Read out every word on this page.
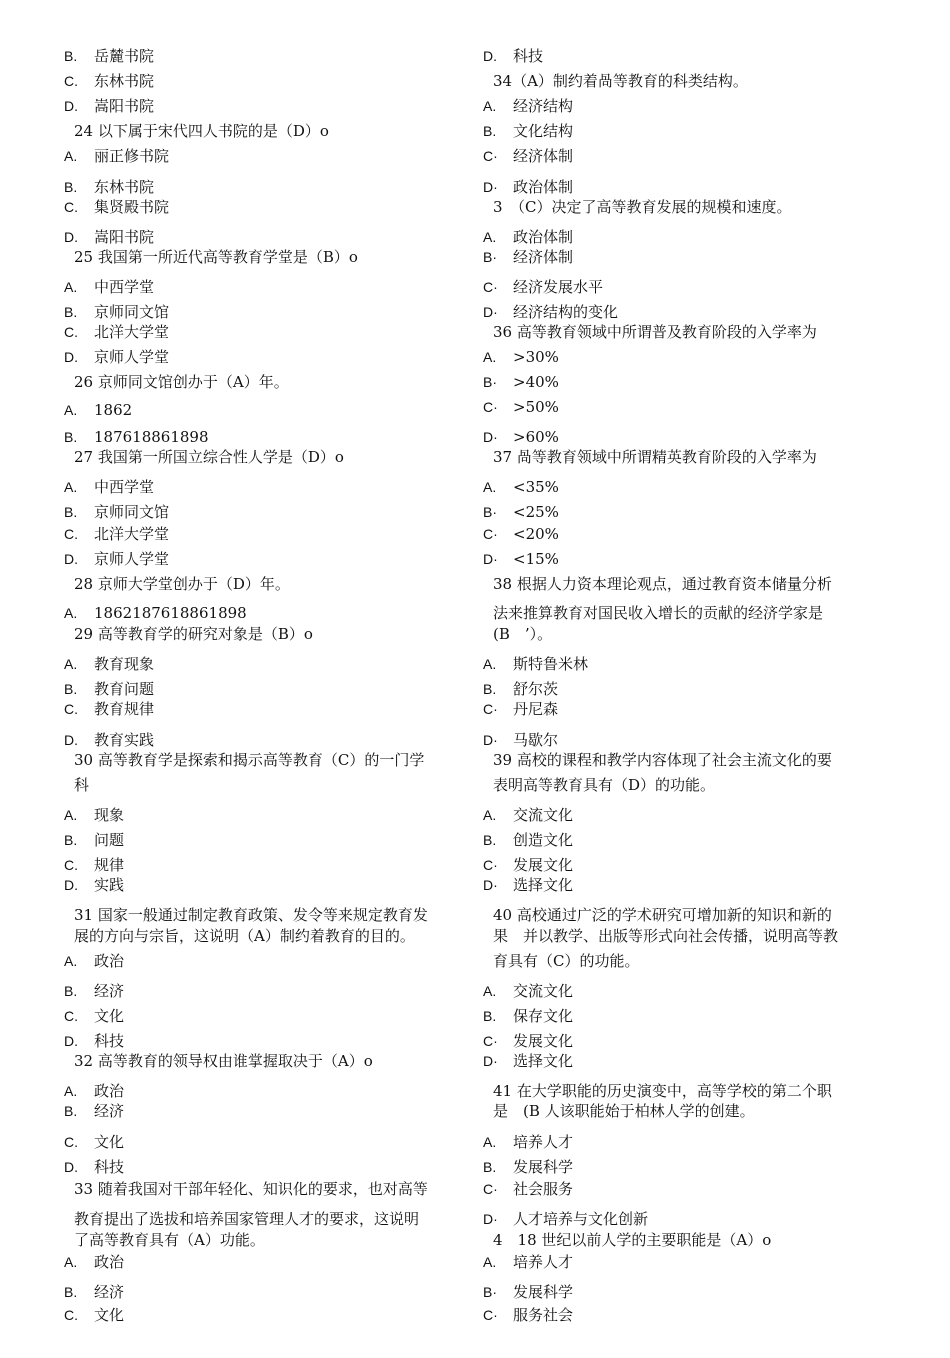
B. 岳麓书院
C. 东林书院
D. 嵩阳书院
24 以下属于宋代四人书院的是（D）o
A. 丽正修书院
B. 东林书院
C. 集贤殿书院
D. 嵩阳书院
25 我国第一所近代高等教育学堂是（B）o
A. 中西学堂
B. 京师同文馆
C. 北洋大学堂
D. 京师人学堂
26 京师同文馆创办于（A）年。
A. 1862
B. 187618861898
27 我国第一所国立综合性人学是（D）o
A. 中西学堂
B. 京师同文馆
C. 北洋大学堂
D. 京师人学堂
28 京师大学堂创办于（D）年。
A. 1862187618861898
29 高等教育学的研究对象是（B）o
A. 教育现象
B. 教育问题
C. 教育规律
D. 教育实践
30 高等教育学是探索和揭示高等教育（C）的一门学
科
A. 现象
B. 问题
C. 规律
D. 实践
31 国家一般通过制定教育政策、发令等来规定教育发
展的方向与宗旨，这说明（A）制约着教育的目的。
A. 政治
B. 经济
C. 文化
D. 科技
32 高等教育的领导权由谁掌握取决于（A）o
A. 政治
B. 经济
C. 文化
D. 科技
33 随着我国对干部年轻化、知识化的要求，也对高等
教育提出了选拔和培养国家管理人才的要求，这说明
了高等教育具有（A）功能。
A. 政治
B. 经济
C. 文化
D. 科技
34（A）制约着咼等教育的科类结构。
A. 经济结构
B. 文化结构
C· 经济体制
D· 政治体制
3　（C）决定了高等教育发展的规模和速度。
A. 政治体制
B· 经济体制
C· 经济发展水平
D· 经济结构的变化
36 高等教育领域中所谓普及教育阶段的入学率为
A. >30%
B· >40%
C· >50%
D· >60%
37 咼等教育领域中所谓精英教育阶段的入学率为
A. <35%
B· <25%
C· <20%
D· <15%
38 根据人力资本理论观点，通过教育资本储量分析
法来推算教育对国民收入增长的贡献的经济学家是
(B　’）。
A. 斯特鲁米林
B. 舒尔茨
C· 丹尼森
D· 马歇尔
39 高校的课程和教学内容体现了社会主流文化的要
表明高等教育具有（D）的功能。
A. 交流文化
B. 创造文化
C· 发展文化
D· 选择文化
40 高校通过广泛的学术研究可增加新的知识和新的
果　并以教学、出版等形式向社会传播，说明高等教
育具有（C）的功能。
A. 交流文化
B. 保存文化
C· 发展文化
D· 选择文化
41 在大学职能的历史演变中，高等学校的第二个职
是　(B 人该职能始于柏林人学的创建。
A. 培养人才
B. 发展科学
C· 社会服务
D· 人才培养与文化创新
4　18 世纪以前人学的主要职能是（A）o
A. 培养人才
B· 发展科学
C· 服务社会
